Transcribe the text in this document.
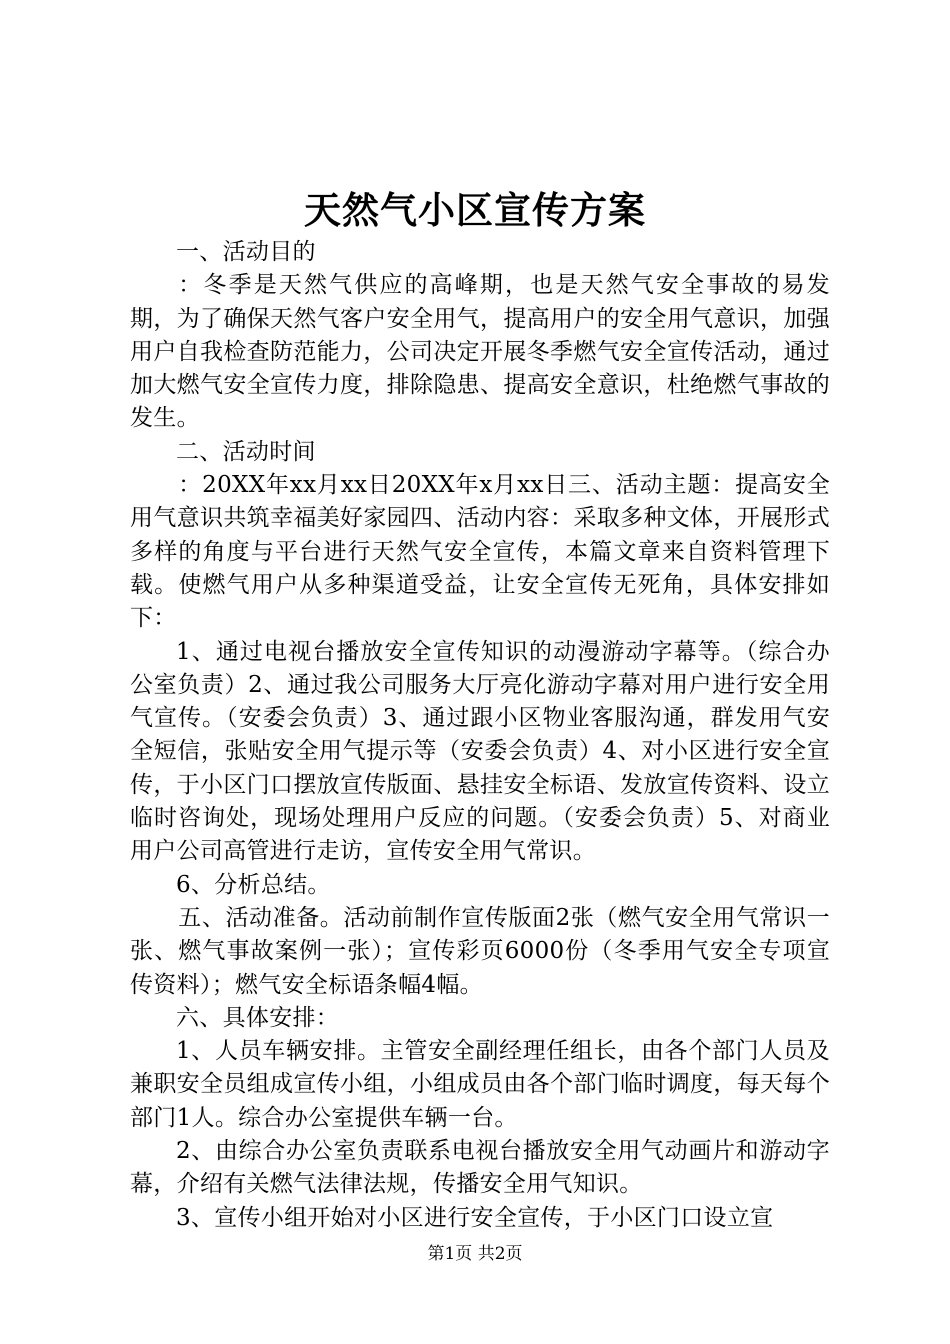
天然气小区宣传方案

一、活动目的

：冬季是天然气供应的高峰期，也是天然气安全事故的易发期，为了确保天然气客户安全用气，提高用户的安全用气意识，加强用户自我检查防范能力，公司决定开展冬季燃气安全宣传活动，通过加大燃气安全宣传力度，排除隐患、提高安全意识，杜绝燃气事故的发生。

二、活动时间

：20XX年xx月xx日20XX年x月xx日三、活动主题：提高安全用气意识共筑幸福美好家园四、活动内容：采取多种文体，开展形式多样的角度与平台进行天然气安全宣传，本篇文章来自资料管理下载。使燃气用户从多种渠道受益，让安全宣传无死角，具体安排如下：

1、通过电视台播放安全宣传知识的动漫游动字幕等。（综合办公室负责）2、通过我公司服务大厅亮化游动字幕对用户进行安全用气宣传。（安委会负责）3、通过跟小区物业客服沟通，群发用气安全短信，张贴安全用气提示等（安委会负责）4、对小区进行安全宣传，于小区门口摆放宣传版面、悬挂安全标语、发放宣传资料、设立临时咨询处，现场处理用户反应的问题。（安委会负责）5、对商业用户公司高管进行走访，宣传安全用气常识。

6、分析总结。

五、活动准备。活动前制作宣传版面2张（燃气安全用气常识一张、燃气事故案例一张）；宣传彩页6000份（冬季用气安全专项宣传资料）；燃气安全标语条幅4幅。

六、具体安排：

1、人员车辆安排。主管安全副经理任组长，由各个部门人员及兼职安全员组成宣传小组，小组成员由各个部门临时调度，每天每个部门1人。综合办公室提供车辆一台。

2、由综合办公室负责联系电视台播放安全用气动画片和游动字幕，介绍有关燃气法律法规，传播安全用气知识。

3、宣传小组开始对小区进行安全宣传，于小区门口设立宣

第1页 共2页
